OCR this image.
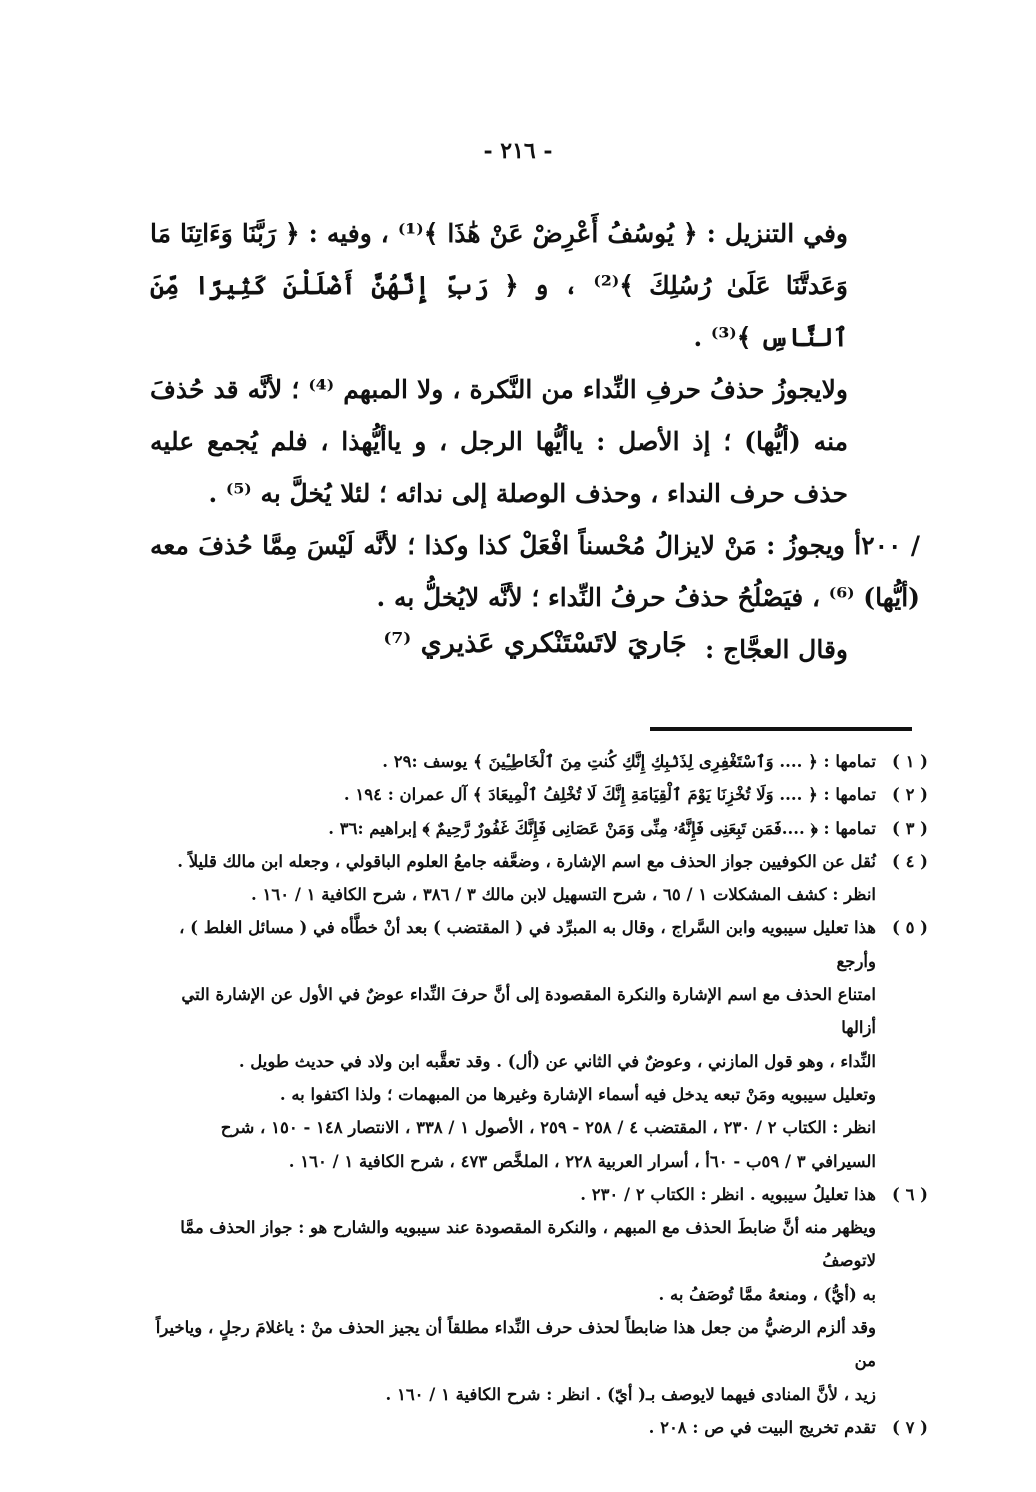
- ٢١٦ -

وفي التنزيل : ﴿ يُوسُفُ أَعْرِضْ عَنْ هَٰذَا ﴾⁽¹⁾ ، وفيه : ﴿ رَبَّنَا وَءَاتِنَا مَا وَعَدتَّنَا عَلَىٰ رُسُلِكَ ﴾⁽²⁾ ، و ﴿ رَبِّ إِنَّهُنَّ أَضْلَلْنَ كَثِيرًا مِّنَ ٱلنَّاسِ ﴾⁽³⁾ .

ولايجوزُ حذفُ حرفِ النِّداء من النَّكرة ، ولا المبهم ⁽⁴⁾ ؛ لأنَّه قد حُذفَ منه (أيُّها) ؛ إذ الأصل : ياأيُّها الرجل ، و ياأيُّهذا ، فلم يُجمع عليه حذف حرف النداء ، وحذف الوصلة إلى ندائه ؛ لئلا يُخلَّ به ⁽⁵⁾ .

/ ٢٠٠أ ويجوزُ : مَنْ لايزالُ مُحْسناً افْعَلْ كذا وكذا ؛ لأنَّه لَيْسَ مِمَّا حُذفَ معه (أيُّها) ⁽⁶⁾ ، فيَصْلُحُ حذفُ حرفُ النِّداء ؛ لأنَّه لايُخلُّ به .

وقال العجَّاج :

جَاريَ لاتَسْتَنْكري عَذيري ⁽⁷⁾
( ١ )
تمامها : ﴿ .... وَٱسْتَغْفِرِى لِذَنۢبِكِ إِنَّكِ كُنتِ مِنَ ٱلْخَاطِـِٔينَ ﴾ يوسف :٢٩ .
( ٢ )
تمامها : ﴿ .... وَلَا تُخْزِنَا يَوْمَ ٱلْقِيَامَةِ إِنَّكَ لَا تُخْلِفُ ٱلْمِيعَادَ ﴾ آل عمران : ١٩٤ .
( ٣ )
تمامها : ﴿ ....فَمَن تَبِعَنِى فَإِنَّهُۥ مِنِّى وَمَنْ عَصَانِى فَإِنَّكَ غَفُورٌ رَّحِيمٌ ﴾ إبراهيم :٣٦ .
( ٤ )
نُقل عن الكوفيين جواز الحذف مع اسم الإشارة ، وضعَّفه جامعُ العلوم الباقولي ، وجعله ابن مالك قليلاً .
انظر : كشف المشكلات ١ / ٦٥ ، شرح التسهيل لابن مالك ٣ / ٣٨٦ ، شرح الكافية ١ / ١٦٠ .
( ٥ )
هذا تعليل سيبويه وابن السَّراج ، وقال به المبرِّد في ( المقتضب ) بعد أنْ خطَّأه في ( مسائل الغلط ) ، وأرجع
امتناع الحذف مع اسم الإشارة والنكرة المقصودة إلى أنَّ حرفَ النِّداء عوضٌ في الأول عن الإشارة التي أزالها
النِّداء ، وهو قول المازني ، وعوضٌ في الثاني عن (أل) . وقد تعقَّبه ابن ولاد في حديث طويل .
وتعليل سيبويه ومَنْ تبعه يدخل فيه أسماء الإشارة وغيرها من المبهمات ؛ ولذا اكتفوا به .
انظر : الكتاب ٢ / ٢٣٠ ، المقتضب ٤ / ٢٥٨ - ٢٥٩ ، الأصول ١ / ٣٣٨ ، الانتصار ١٤٨ - ١٥٠ ، شرح
السيرافي ٣ / ٥٩ب - ٦٠أ ، أسرار العربية ٢٢٨ ، الملخَّص ٤٧٣ ، شرح الكافية ١ / ١٦٠ .
( ٦ )
هذا تعليلُ سيبويه . انظر : الكتاب ٢ / ٢٣٠ .
ويظهر منه أنَّ ضابطَ الحذف مع المبهم ، والنكرة المقصودة عند سيبويه والشارح هو : جواز الحذف ممَّا لاتوصفُ
به (أيُّ) ، ومنعهُ ممَّا تُوصَفُ به .
وقد ألزم الرضيُّ من جعل هذا ضابطاً لحذف حرف النِّداء مطلقاً أن يجيز الحذف منْ : ياغلامَ رجلٍ ، وياخيراً من
زيد ، لأنَّ المنادى فيهما لايوصف بـ( أيّ) . انظر : شرح الكافية ١ / ١٦٠ .
( ٧ )
تقدم تخريج البيت في ص : ٢٠٨ .
